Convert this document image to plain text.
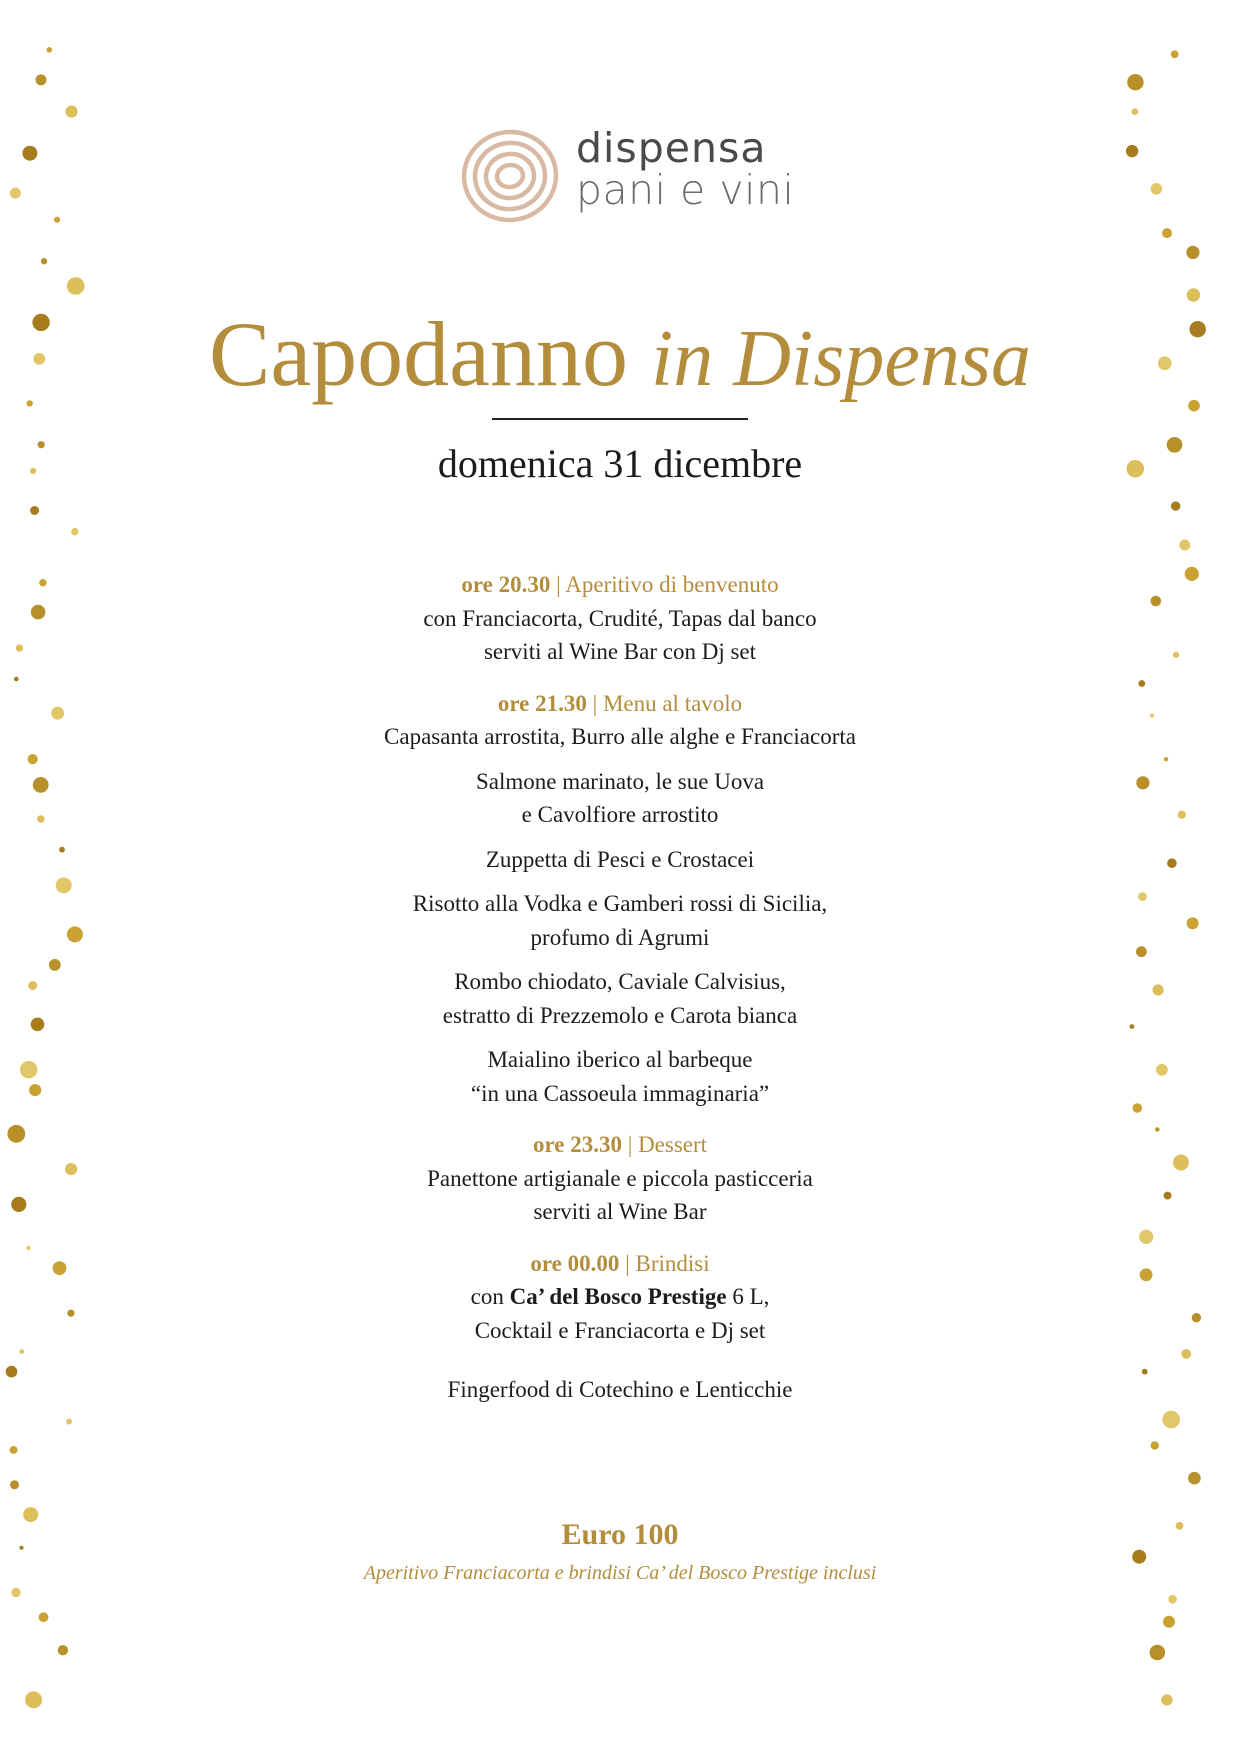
dispensa
pani e vini
Capodanno in Dispensa
domenica 31 dicembre
ore 20.30 | Aperitivo di benvenuto
con Franciacorta, Crudité, Tapas dal banco
serviti al Wine Bar con Dj set
ore 21.30 | Menu al tavolo
Capasanta arrostita, Burro alle alghe e Franciacorta
Salmone marinato, le sue Uova
e Cavolfiore arrostito
Zuppetta di Pesci e Crostacei
Risotto alla Vodka e Gamberi rossi di Sicilia,
profumo di Agrumi
Rombo chiodato, Caviale Calvisius,
estratto di Prezzemolo e Carota bianca
Maialino iberico al barbeque
“in una Cassoeula immaginaria”
ore 23.30 | Dessert
Panettone artigianale e piccola pasticceria
serviti al Wine Bar
ore 00.00 | Brindisi
con Ca’ del Bosco Prestige 6 L,
Cocktail e Franciacorta e Dj set
Fingerfood di Cotechino e Lenticchie
Euro 100
Aperitivo Franciacorta e brindisi Ca’ del Bosco Prestige inclusi
